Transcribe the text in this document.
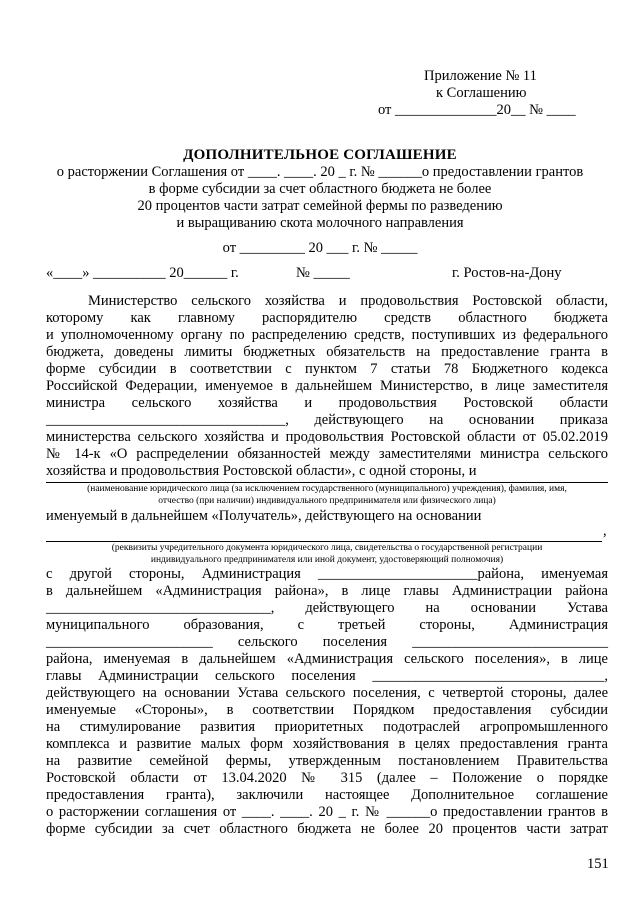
Приложение № 11
к Соглашению
от ______________20__ № ____
ДОПОЛНИТЕЛЬНОЕ СОГЛАШЕНИЕ
о расторжении Соглашения от ____. ____. 20 _ г. № ______о предоставлении грантов
в форме субсидии за счет областного бюджета не более
20 процентов части затрат семейной фермы по разведению
и выращиванию скота молочного направления
от _________ 20 ___ г. № _____
«____» __________ 20______ г.	№ _____	г. Ростов-на-Дону
Министерство сельского хозяйства и продовольствия Ростовской области,
которому как главному распорядителю средств областного бюджета
и уполномоченному органу по распределению средств, поступивших из федерального
бюджета, доведены лимиты бюджетных обязательств на предоставление гранта в
форме субсидии в соответствии с пунктом 7 статьи 78 Бюджетного кодекса
Российской Федерации, именуемое в дальнейшем Министерство, в лице заместителя
министра сельского хозяйства и продовольствия Ростовской области
_________________________________, действующего на основании приказа
министерства сельского хозяйства и продовольствия Ростовской области от 05.02.2019
№ 14-к «О распределении обязанностей между заместителями министра сельского
хозяйства и продовольствия Ростовской области», с одной стороны, и
(наименование юридического лица (за исключением государственного (муниципального) учреждения), фамилия, имя,
отчество (при наличии) индивидуального предпринимателя или физического лица)
именуемый в дальнейшем «Получатель», действующего на основании
,
(реквизиты учредительного документа юридического лица, свидетельства о государственной регистрации
индивидуального предпринимателя или иной документ, удостоверяющий полномочия)
с другой стороны, Администрация ______________________района, именуемая
в дальнейшем «Администрация района», в лице главы Администрации района
_______________________________, действующего на основании Устава
муниципального образования, с третьей стороны, Администрация
_______________________ сельского поселения ___________________________
района, именуемая в дальнейшем «Администрация сельского поселения», в лице
главы Администрации сельского поселения ________________________________,
действующего на основании Устава сельского поселения, с четвертой стороны, далее
именуемые «Стороны», в соответствии Порядком предоставления субсидии
на стимулирование развития приоритетных подотраслей агропромышленного
комплекса и развитие малых форм хозяйствования в целях предоставления гранта
на развитие семейной фермы, утвержденным постановлением Правительства
Ростовской области от 13.04.2020 № 315 (далее – Положение о порядке
предоставления гранта), заключили настоящее Дополнительное соглашение
о расторжении соглашения от ____. ____. 20 _ г. № ______о предоставлении грантов в
форме субсидии за счет областного бюджета не более 20 процентов части затрат
151
